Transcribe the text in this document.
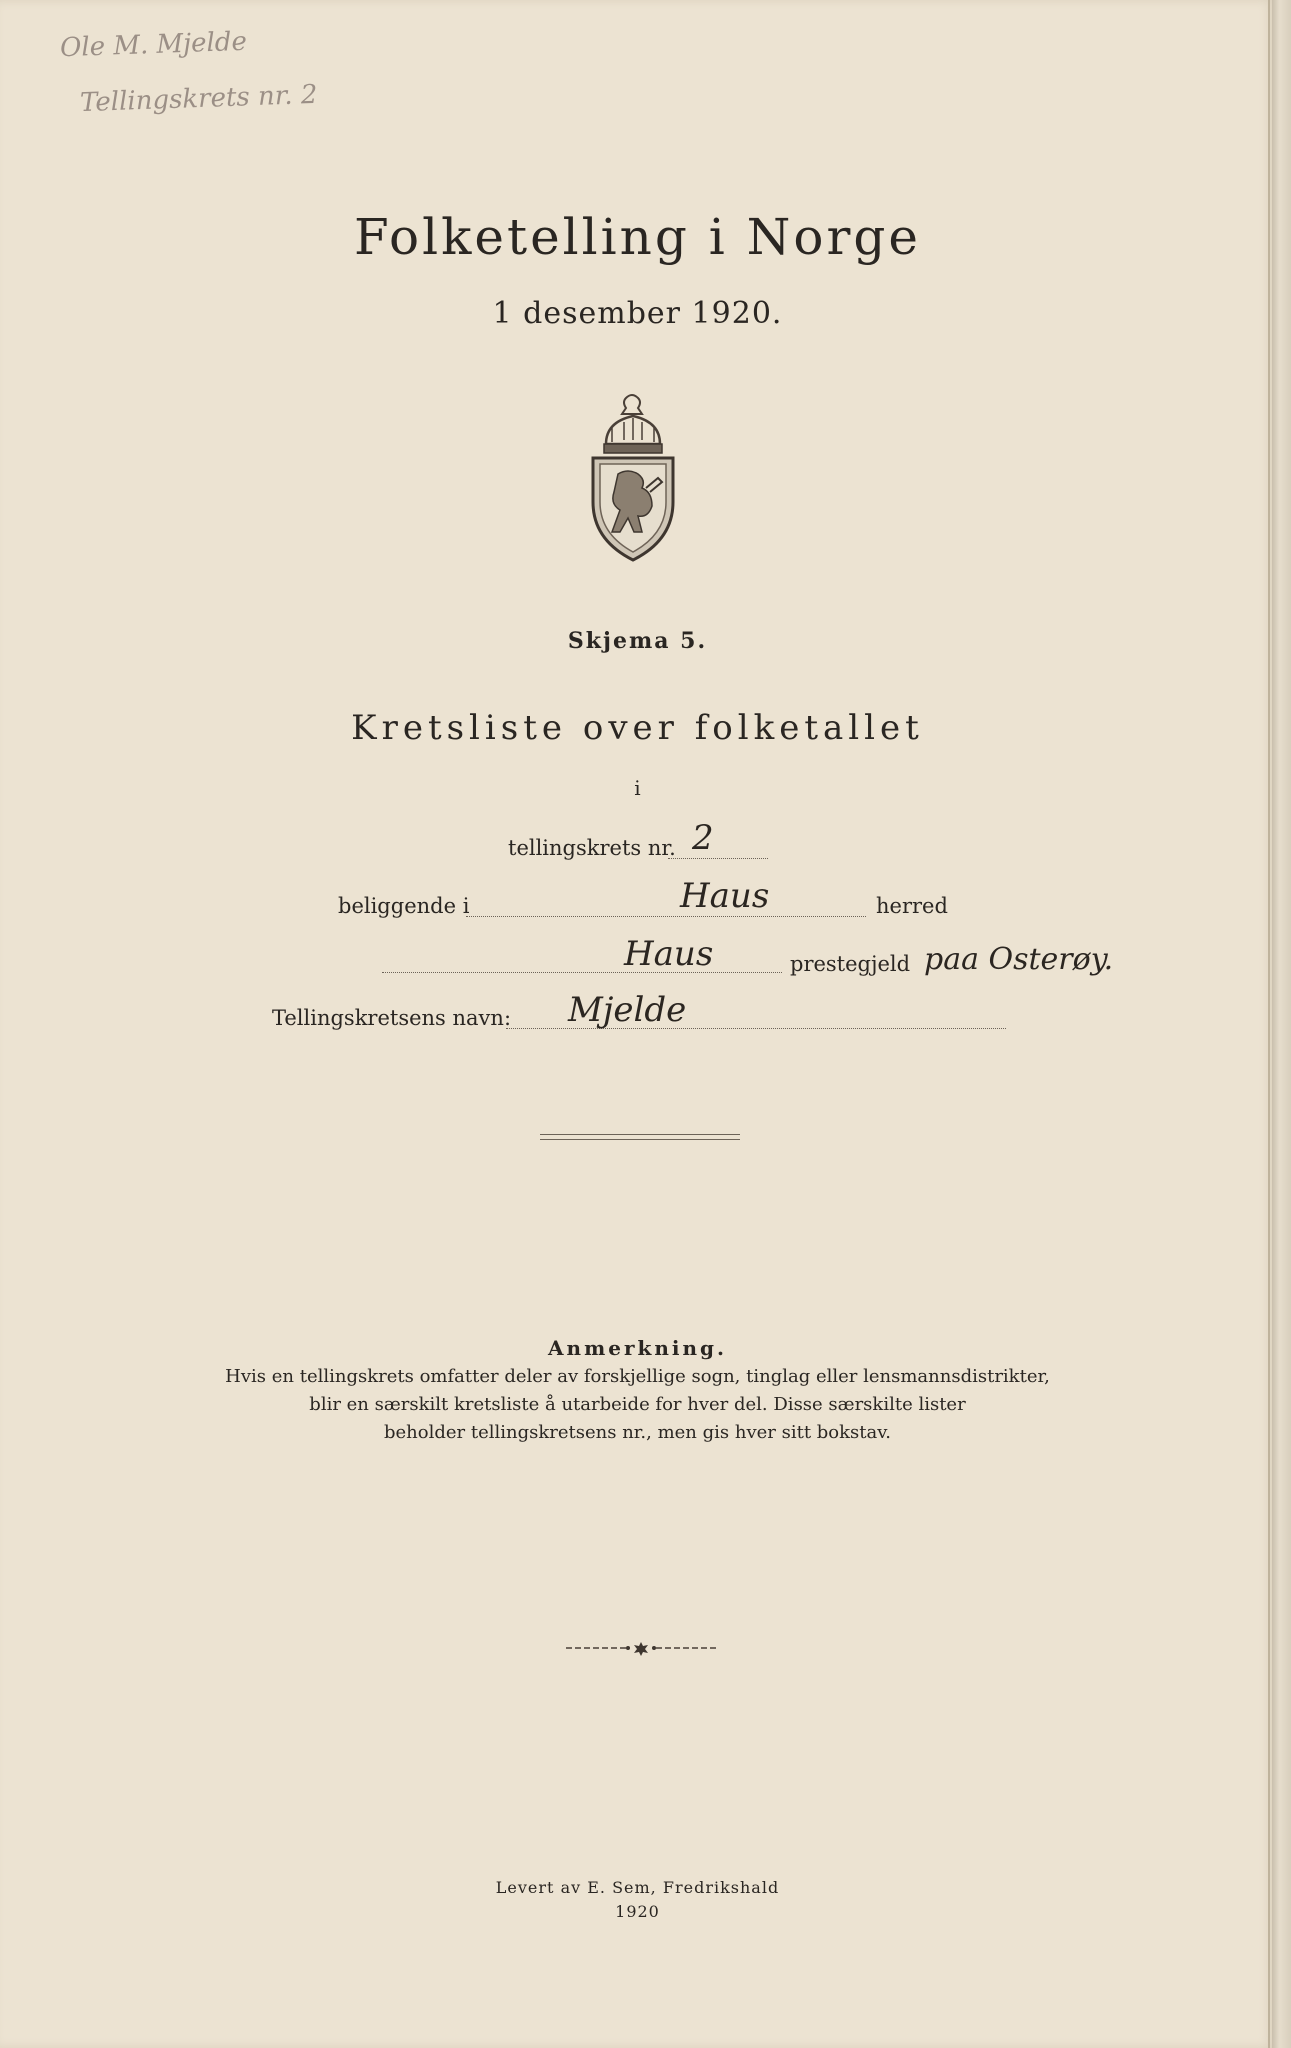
Ole M. Mjelde
Tellingskrets nr. 2
Folketelling i Norge
1 desember 1920.
Skjema 5.
Kretsliste over folketallet
i
tellingskrets nr. 2
beliggende i	Haus	herred
Haus	prestegjeld paa Osterøy.
Tellingskretsens navn: Mjelde
Anmerkning.
Hvis en tellingskrets omfatter deler av forskjellige sogn, tinglag eller lensmannsdistrikter,
blir en særskilt kretsliste å utarbeide for hver del. Disse særskilte lister
beholder tellingskretsens nr., men gis hver sitt bokstav.
Levert av E. Sem, Fredrikshald
1920
